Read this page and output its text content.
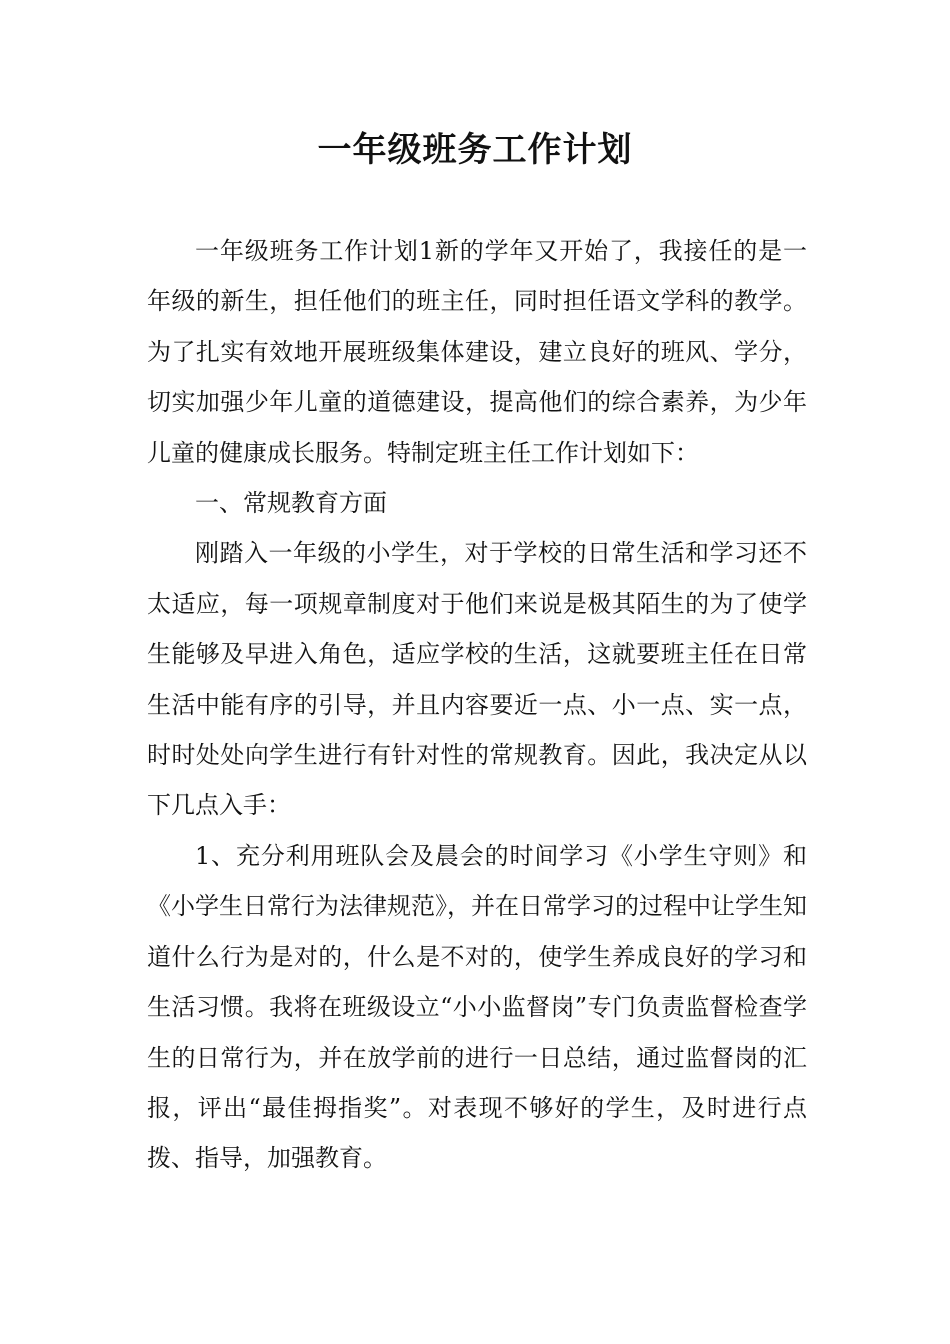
一年级班务工作计划

一年级班务工作计划1新的学年又开始了，我接任的是一年级的新生，担任他们的班主任，同时担任语文学科的教学。为了扎实有效地开展班级集体建设，建立良好的班风、学分，切实加强少年儿童的道德建设，提高他们的综合素养，为少年儿童的健康成长服务。特制定班主任工作计划如下：

一、常规教育方面

刚踏入一年级的小学生，对于学校的日常生活和学习还不太适应，每一项规章制度对于他们来说是极其陌生的为了使学生能够及早进入角色，适应学校的生活，这就要班主任在日常生活中能有序的引导，并且内容要近一点、小一点、实一点，时时处处向学生进行有针对性的常规教育。因此，我决定从以下几点入手：

1、充分利用班队会及晨会的时间学习《小学生守则》和《小学生日常行为法律规范》，并在日常学习的过程中让学生知道什么行为是对的，什么是不对的，使学生养成良好的学习和生活习惯。我将在班级设立“小小监督岗”专门负责监督检查学生的日常行为，并在放学前的进行一日总结，通过监督岗的汇报，评出“最佳拇指奖”。对表现不够好的学生，及时进行点拨、指导，加强教育。
